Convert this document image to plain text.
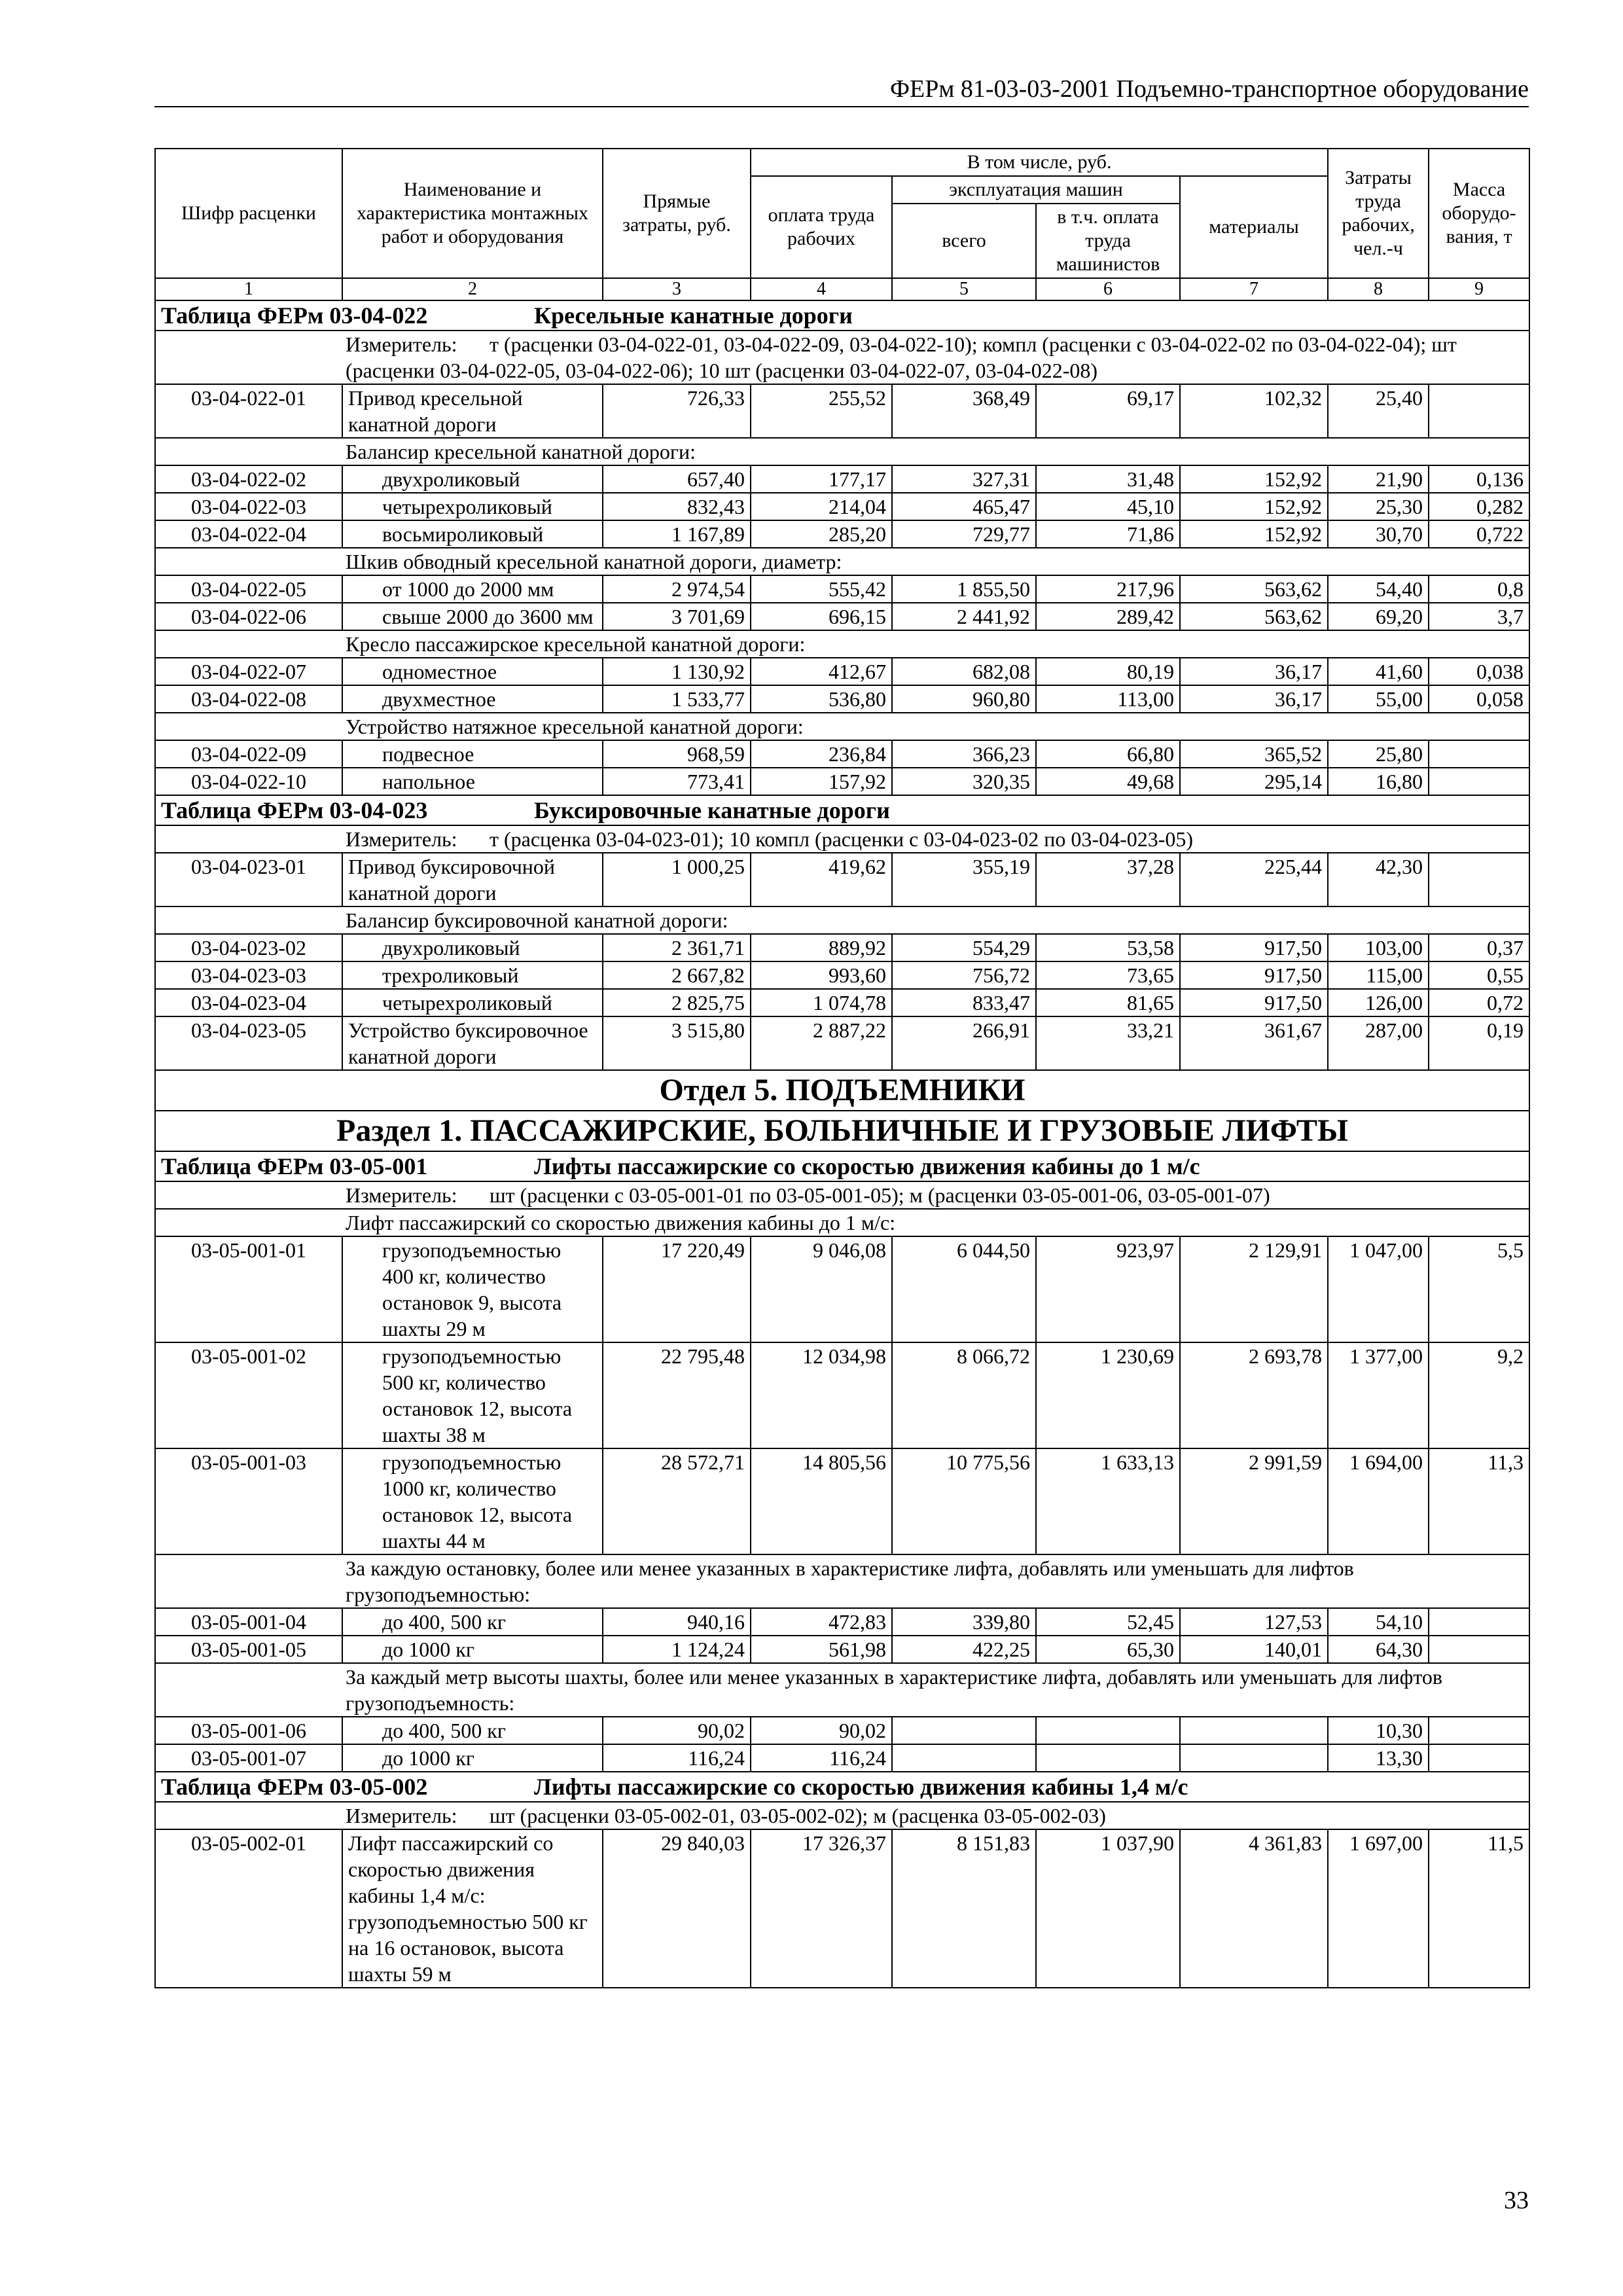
ФЕРм 81-03-03-2001 Подъемно-транспортное оборудование
Шифр расценки	Наименование и характеристика монтажных работ и оборудования	Прямые затраты, руб.	В том числе, руб.				Затраты труда рабочих, чел.-ч	Масса оборудо-вания, т
			оплата труда рабочих	эксплуатация машин		материалы		
				всего	в т.ч. оплата труда машинистов			
1	2	3	4	5	6	7	8	9
Таблица ФЕРм 03-04-022 Кресельные канатные дороги								
Измеритель: т (расценки 03-04-022-01, 03-04-022-09, 03-04-022-10); компл (расценки с 03-04-022-02 по 03-04-022-04); шт (расценки 03-04-022-05, 03-04-022-06); 10 шт (расценки 03-04-022-07, 03-04-022-08)								
03-04-022-01	Привод кресельной канатной дороги	726,33	255,52	368,49	69,17	102,32	25,40	
Балансир кресельной канатной дороги:								
03-04-022-02	двухроликовый	657,40	177,17	327,31	31,48	152,92	21,90	0,136
03-04-022-03	четырехроликовый	832,43	214,04	465,47	45,10	152,92	25,30	0,282
03-04-022-04	восьмироликовый	1 167,89	285,20	729,77	71,86	152,92	30,70	0,722
Шкив обводный кресельной канатной дороги, диаметр:								
03-04-022-05	от 1000 до 2000 мм	2 974,54	555,42	1 855,50	217,96	563,62	54,40	0,8
03-04-022-06	свыше 2000 до 3600 мм	3 701,69	696,15	2 441,92	289,42	563,62	69,20	3,7
Кресло пассажирское кресельной канатной дороги:								
03-04-022-07	одноместное	1 130,92	412,67	682,08	80,19	36,17	41,60	0,038
03-04-022-08	двухместное	1 533,77	536,80	960,80	113,00	36,17	55,00	0,058
Устройство натяжное кресельной канатной дороги:								
03-04-022-09	подвесное	968,59	236,84	366,23	66,80	365,52	25,80	
03-04-022-10	напольное	773,41	157,92	320,35	49,68	295,14	16,80	
Таблица ФЕРм 03-04-023 Буксировочные канатные дороги								
Измеритель: т (расценка 03-04-023-01); 10 компл (расценки с 03-04-023-02 по 03-04-023-05)								
03-04-023-01	Привод буксировочной канатной дороги	1 000,25	419,62	355,19	37,28	225,44	42,30	
Балансир буксировочной канатной дороги:								
03-04-023-02	двухроликовый	2 361,71	889,92	554,29	53,58	917,50	103,00	0,37
03-04-023-03	трехроликовый	2 667,82	993,60	756,72	73,65	917,50	115,00	0,55
03-04-023-04	четырехроликовый	2 825,75	1 074,78	833,47	81,65	917,50	126,00	0,72
03-04-023-05	Устройство буксировочное канатной дороги	3 515,80	2 887,22	266,91	33,21	361,67	287,00	0,19
Отдел 5. ПОДЪЕМНИКИ								
Раздел 1. ПАССАЖИРСКИЕ, БОЛЬНИЧНЫЕ И ГРУЗОВЫЕ ЛИФТЫ								
Таблица ФЕРм 03-05-001 Лифты пассажирские со скоростью движения кабины до 1 м/с								
Измеритель: шт (расценки с 03-05-001-01 по 03-05-001-05); м (расценки 03-05-001-06, 03-05-001-07)								
Лифт пассажирский со скоростью движения кабины до 1 м/с:								
03-05-001-01	грузоподъемностью 400 кг, количество остановок 9, высота шахты 29 м	17 220,49	9 046,08	6 044,50	923,97	2 129,91	1 047,00	5,5
03-05-001-02	грузоподъемностью 500 кг, количество остановок 12, высота шахты 38 м	22 795,48	12 034,98	8 066,72	1 230,69	2 693,78	1 377,00	9,2
03-05-001-03	грузоподъемностью 1000 кг, количество остановок 12, высота шахты 44 м	28 572,71	14 805,56	10 775,56	1 633,13	2 991,59	1 694,00	11,3
За каждую остановку, более или менее указанных в характеристике лифта, добавлять или уменьшать для лифтов грузоподъемностью:								
03-05-001-04	до 400, 500 кг	940,16	472,83	339,80	52,45	127,53	54,10	
03-05-001-05	до 1000 кг	1 124,24	561,98	422,25	65,30	140,01	64,30	
За каждый метр высоты шахты, более или менее указанных в характеристике лифта, добавлять или уменьшать для лифтов грузоподъемность:								
03-05-001-06	до 400, 500 кг	90,02	90,02				10,30	
03-05-001-07	до 1000 кг	116,24	116,24				13,30	
Таблица ФЕРм 03-05-002 Лифты пассажирские со скоростью движения кабины 1,4 м/с								
Измеритель: шт (расценки 03-05-002-01, 03-05-002-02); м (расценка 03-05-002-03)								
03-05-002-01	Лифт пассажирский со скоростью движения кабины 1,4 м/с: грузоподъемностью 500 кг на 16 остановок, высота шахты 59 м	29 840,03	17 326,37	8 151,83	1 037,90	4 361,83	1 697,00	11,5
33
